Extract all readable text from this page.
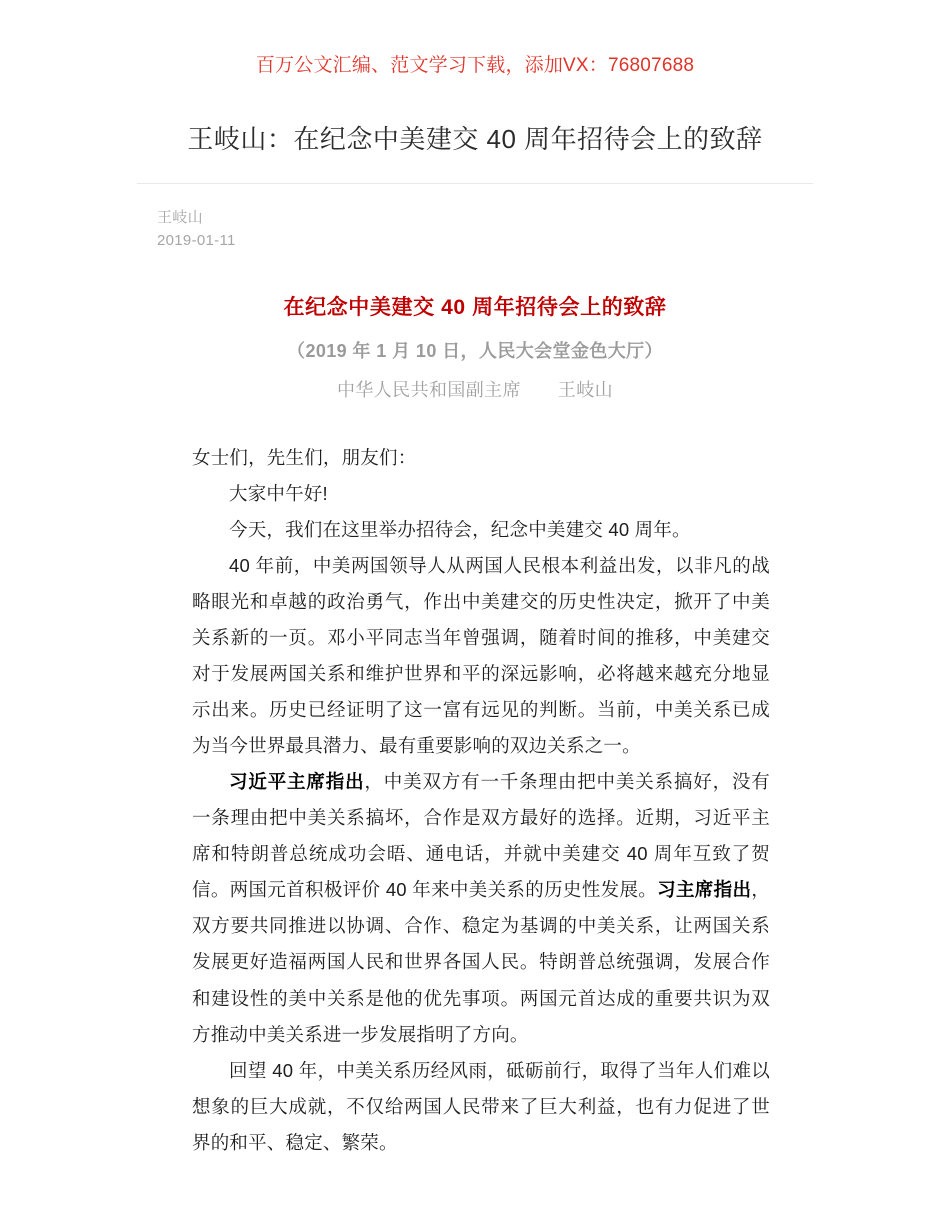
百万公文汇编、范文学习下载，添加VX：76807688
王岐山：在纪念中美建交 40 周年招待会上的致辞
王岐山
2019-01-11
在纪念中美建交 40 周年招待会上的致辞
（2019 年 1 月 10 日，人民大会堂金色大厅）
中华人民共和国副主席 王岐山

女士们，先生们，朋友们：

大家中午好!

今天，我们在这里举办招待会，纪念中美建交 40 周年。

40 年前，中美两国领导人从两国人民根本利益出发，以非凡的战略眼光和卓越的政治勇气，作出中美建交的历史性决定，掀开了中美关系新的一页。邓小平同志当年曾强调，随着时间的推移，中美建交对于发展两国关系和维护世界和平的深远影响，必将越来越充分地显示出来。历史已经证明了这一富有远见的判断。当前，中美关系已成为当今世界最具潜力、最有重要影响的双边关系之一。

习近平主席指出，中美双方有一千条理由把中美关系搞好，没有一条理由把中美关系搞坏，合作是双方最好的选择。近期，习近平主席和特朗普总统成功会晤、通电话，并就中美建交 40 周年互致了贺信。两国元首积极评价 40 年来中美关系的历史性发展。习主席指出，双方要共同推进以协调、合作、稳定为基调的中美关系，让两国关系发展更好造福两国人民和世界各国人民。特朗普总统强调，发展合作和建设性的美中关系是他的优先事项。两国元首达成的重要共识为双方推动中美关系进一步发展指明了方向。

回望 40 年，中美关系历经风雨，砥砺前行，取得了当年人们难以想象的巨大成就，不仅给两国人民带来了巨大利益，也有力促进了世界的和平、稳定、繁荣。
